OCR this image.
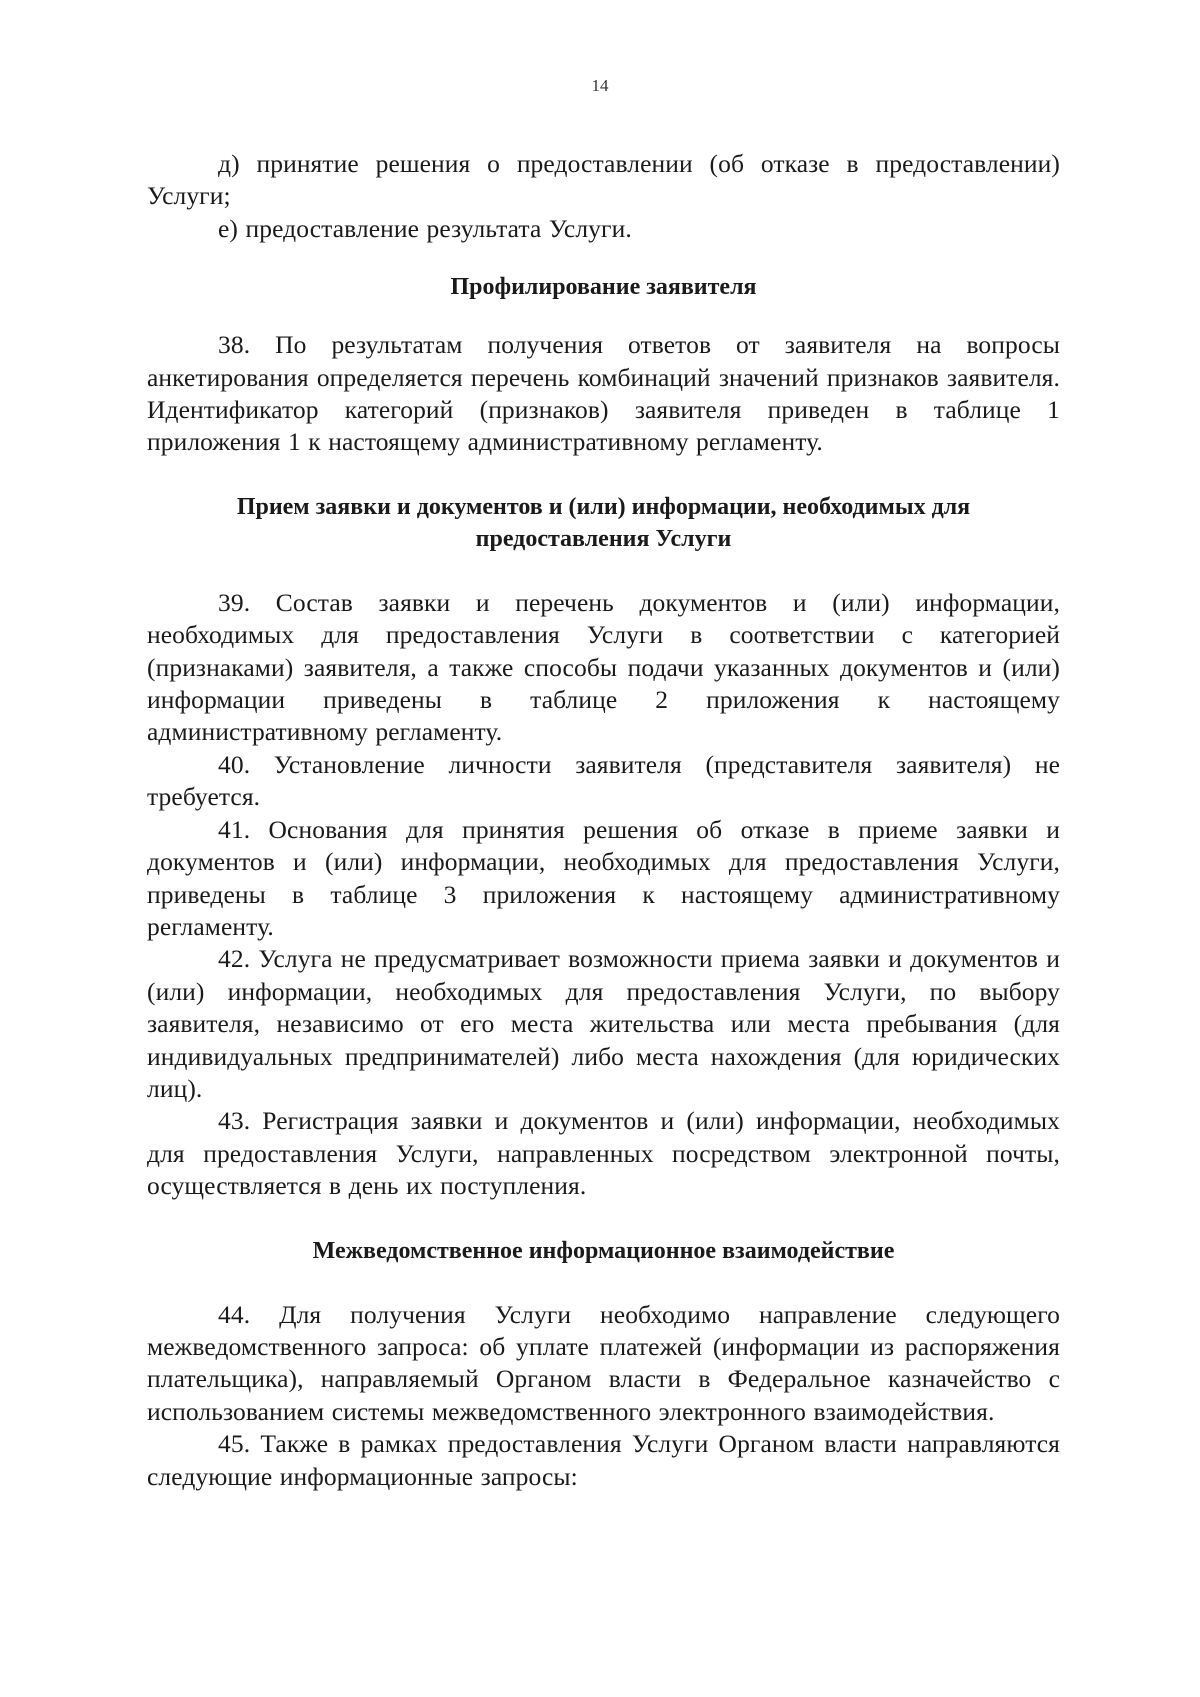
14

д) принятие решения о предоставлении (об отказе в предоставлении) Услуги;

е) предоставление результата Услуги.

Профилирование заявителя

38. По результатам получения ответов от заявителя на вопросы анкетирования определяется перечень комбинаций значений признаков заявителя. Идентификатор категорий (признаков) заявителя приведен в таблице 1 приложения 1 к настоящему административному регламенту.

Прием заявки и документов и (или) информации, необходимых для предоставления Услуги

39. Состав заявки и перечень документов и (или) информации, необходимых для предоставления Услуги в соответствии с категорией (признаками) заявителя, а также способы подачи указанных документов и (или) информации приведены в таблице 2 приложения к настоящему административному регламенту.

40. Установление личности заявителя (представителя заявителя) не требуется.

41. Основания для принятия решения об отказе в приеме заявки и документов и (или) информации, необходимых для предоставления Услуги, приведены в таблице 3 приложения к настоящему административному регламенту.

42. Услуга не предусматривает возможности приема заявки и документов и (или) информации, необходимых для предоставления Услуги, по выбору заявителя, независимо от его места жительства или места пребывания (для индивидуальных предпринимателей) либо места нахождения (для юридических лиц).

43. Регистрация заявки и документов и (или) информации, необходимых для предоставления Услуги, направленных посредством электронной почты, осуществляется в день их поступления.

Межведомственное информационное взаимодействие

44. Для получения Услуги необходимо направление следующего межведомственного запроса: об уплате платежей (информации из распоряжения плательщика), направляемый Органом власти в Федеральное казначейство с использованием системы межведомственного электронного взаимодействия.

45. Также в рамках предоставления Услуги Органом власти направляются следующие информационные запросы:
